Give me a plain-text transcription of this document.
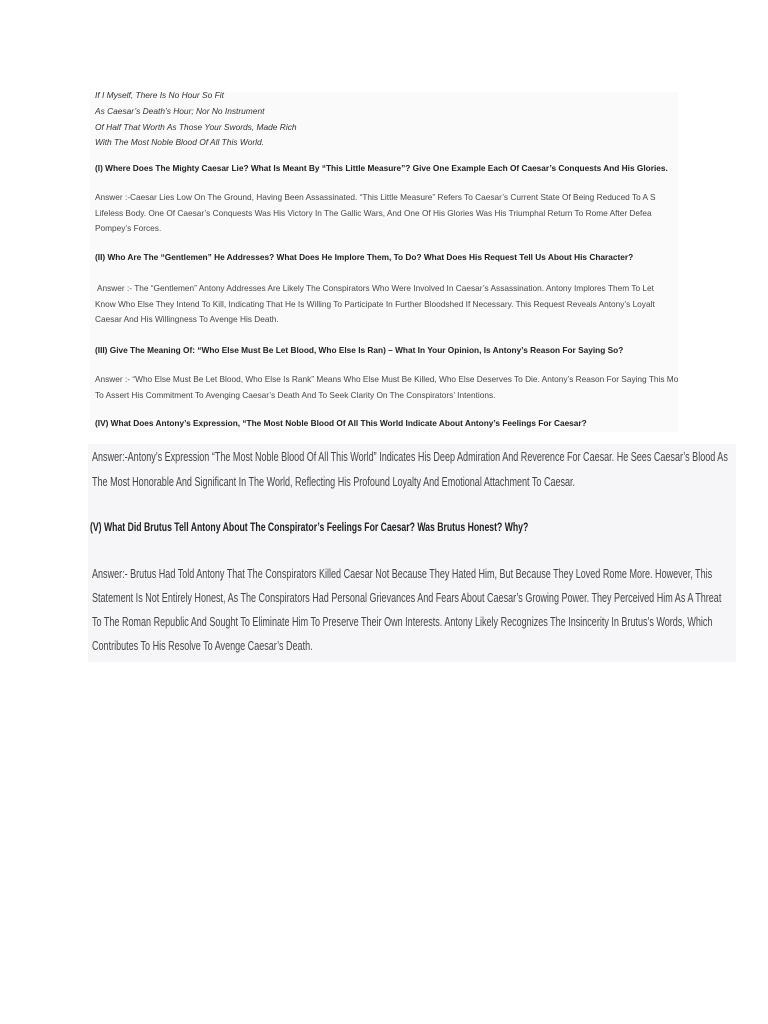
If I Myself, There Is No Hour So Fit
As Caesar’s Death’s Hour; Nor No Instrument
Of Half That Worth As Those Your Swords, Made Rich
With The Most Noble Blood Of All This World.
(I) Where Does The Mighty Caesar Lie? What Is Meant By “This Little Measure”? Give One Example Each Of Caesar’s Conquests And His Glories.
Answer :-Caesar Lies Low On The Ground, Having Been Assassinated. “This Little Measure” Refers To Caesar’s Current State Of Being Reduced To A S
Lifeless Body. One Of Caesar’s Conquests Was His Victory In The Gallic Wars, And One Of His Glories Was His Triumphal Return To Rome After Defea
Pompey’s Forces.
(II) Who Are The “Gentlemen” He Addresses? What Does He Implore Them, To Do? What Does His Request Tell Us About His Character?
Answer :- The “Gentlemen” Antony Addresses Are Likely The Conspirators Who Were Involved In Caesar’s Assassination. Antony Implores Them To Let
Know Who Else They Intend To Kill, Indicating That He Is Willing To Participate In Further Bloodshed If Necessary. This Request Reveals Antony’s Loyalt
Caesar And His Willingness To Avenge His Death.
(III) Give The Meaning Of: “Who Else Must Be Let Blood, Who Else Is Ran) – What In Your Opinion, Is Antony’s Reason For Saying So?
Answer :- “Who Else Must Be Let Blood, Who Else Is Rank” Means Who Else Must Be Killed, Who Else Deserves To Die. Antony’s Reason For Saying This Mo
To Assert His Commitment To Avenging Caesar’s Death And To Seek Clarity On The Conspirators’ Intentions.
(IV) What Does Antony’s Expression, “The Most Noble Blood Of All This World Indicate About Antony’s Feelings For Caesar?
Answer:-Antony’s Expression “The Most Noble Blood Of All This World” Indicates His Deep Admiration And Reverence For Caesar. He Sees Caesar’s Blood As
The Most Honorable And Significant In The World, Reflecting His Profound Loyalty And Emotional Attachment To Caesar.
(V) What Did Brutus Tell Antony About The Conspirator’s Feelings For Caesar? Was Brutus Honest? Why?
Answer:- Brutus Had Told Antony That The Conspirators Killed Caesar Not Because They Hated Him, But Because They Loved Rome More. However, This
Statement Is Not Entirely Honest, As The Conspirators Had Personal Grievances And Fears About Caesar’s Growing Power. They Perceived Him As A Threat
To The Roman Republic And Sought To Eliminate Him To Preserve Their Own Interests. Antony Likely Recognizes The Insincerity In Brutus’s Words, Which
Contributes To His Resolve To Avenge Caesar’s Death.
